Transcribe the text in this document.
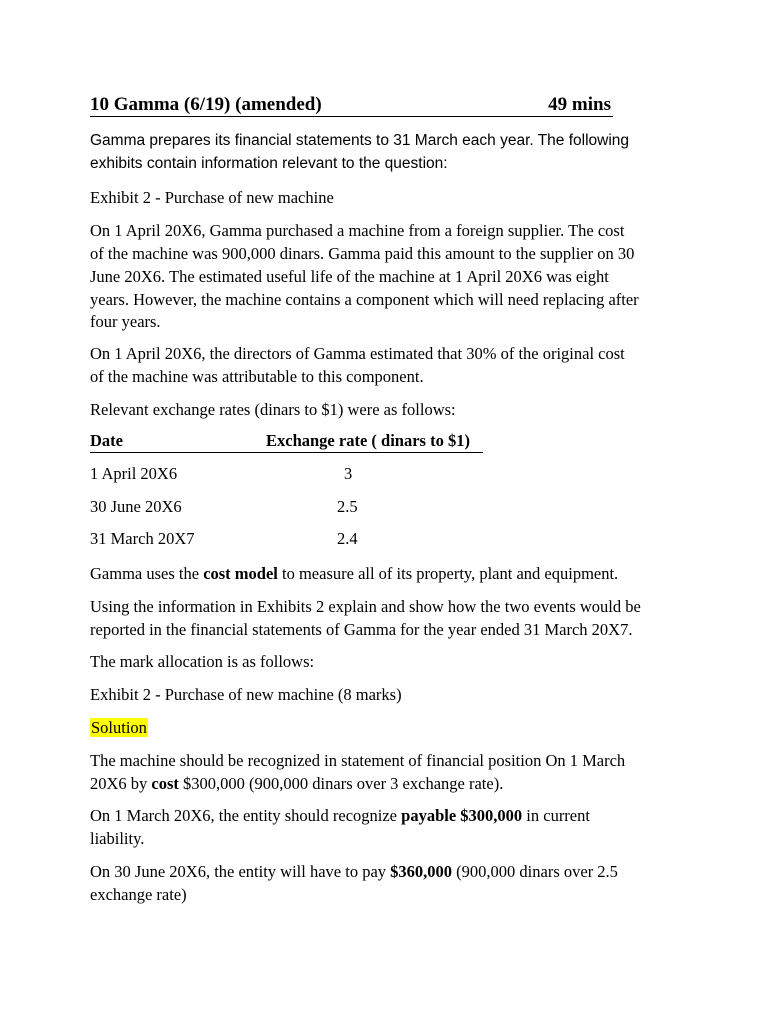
10 Gamma (6/19) (amended)	49 mins
Gamma prepares its financial statements to 31 March each year. The following
exhibits contain information relevant to the question:
Exhibit 2 - Purchase of new machine
On 1 April 20X6, Gamma purchased a machine from a foreign supplier. The cost
of the machine was 900,000 dinars. Gamma paid this amount to the supplier on 30
June 20X6. The estimated useful life of the machine at 1 April 20X6 was eight
years. However, the machine contains a component which will need replacing after
four years.
On 1 April 20X6, the directors of Gamma estimated that 30% of the original cost
of the machine was attributable to this component.
Relevant exchange rates (dinars to $1) were as follows:
Date	Exchange rate ( dinars to $1)
1 April 20X6	3
30 June 20X6	2.5
31 March 20X7	2.4
Gamma uses the cost model to measure all of its property, plant and equipment.
Using the information in Exhibits 2 explain and show how the two events would be
reported in the financial statements of Gamma for the year ended 31 March 20X7.
The mark allocation is as follows:
Exhibit 2 - Purchase of new machine (8 marks)
Solution
The machine should be recognized in statement of financial position On 1 March
20X6 by cost $300,000 (900,000 dinars over 3 exchange rate).
On 1 March 20X6, the entity should recognize payable $300,000 in current
liability.
On 30 June 20X6, the entity will have to pay $360,000 (900,000 dinars over 2.5
exchange rate)
